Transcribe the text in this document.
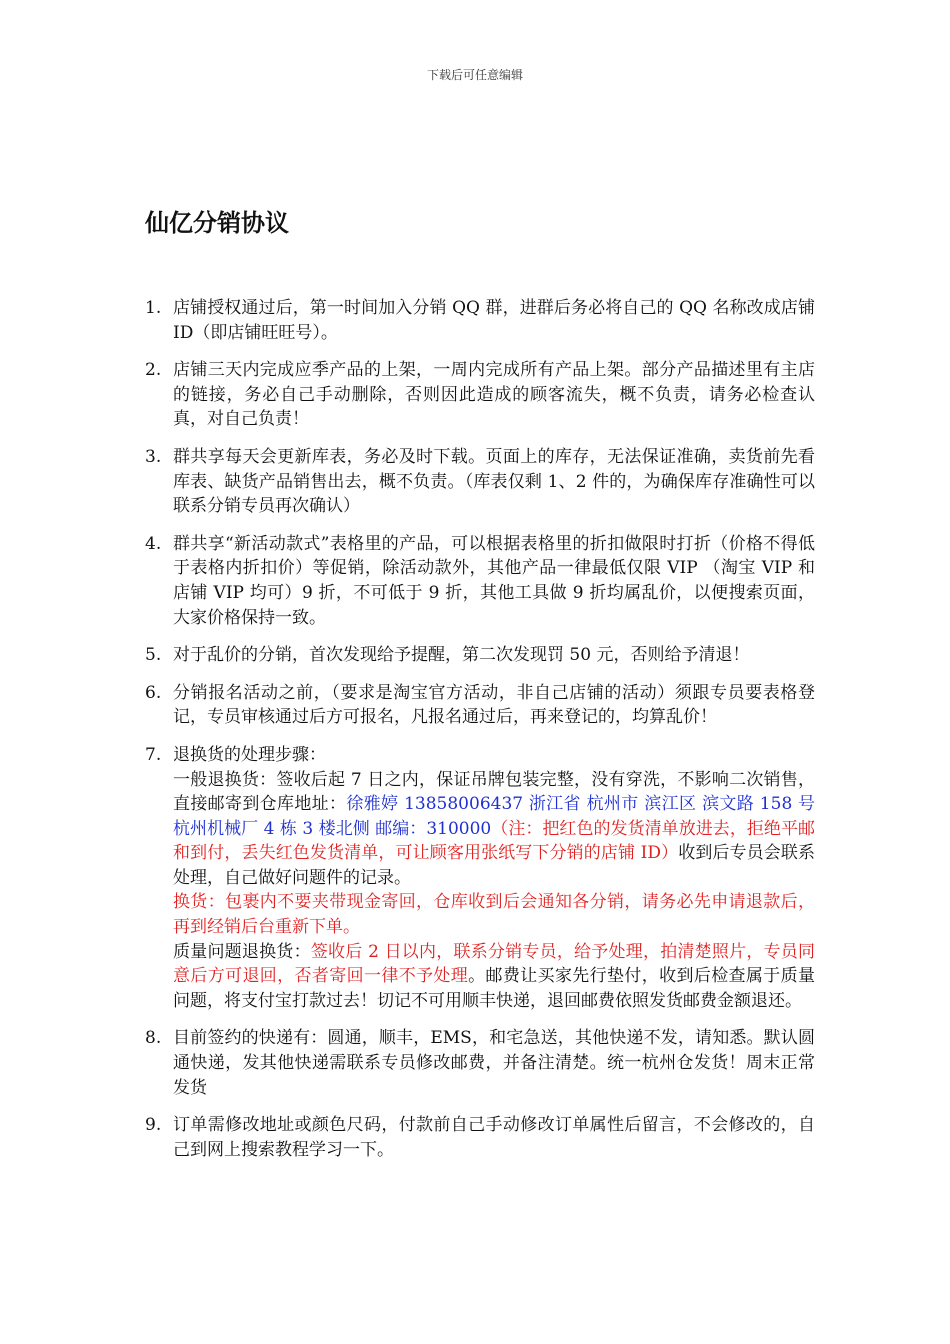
下载后可任意编辑
仙亿分销协议
1. 店铺授权通过后，第一时间加入分销 QQ 群，进群后务必将自己的 QQ 名称改成店铺 ID（即店铺旺旺号）。
2. 店铺三天内完成应季产品的上架，一周内完成所有产品上架。部分产品描述里有主店的链接，务必自己手动删除，否则因此造成的顾客流失，概不负责，请务必检查认真，对自己负责！
3. 群共享每天会更新库表，务必及时下载。页面上的库存，无法保证准确，卖货前先看库表、缺货产品销售出去，概不负责。（库表仅剩 1、2 件的，为确保库存准确性可以联系分销专员再次确认）
4. 群共享“新活动款式”表格里的产品，可以根据表格里的折扣做限时打折（价格不得低于表格内折扣价）等促销，除活动款外，其他产品一律最低仅限 VIP （淘宝 VIP 和店铺 VIP 均可）9 折，不可低于 9 折，其他工具做 9 折均属乱价，以便搜索页面，大家价格保持一致。
5. 对于乱价的分销，首次发现给予提醒，第二次发现罚 50 元，否则给予清退！
6. 分销报名活动之前，（要求是淘宝官方活动，非自己店铺的活动）须跟专员要表格登记，专员审核通过后方可报名，凡报名通过后，再来登记的，均算乱价！
7. 退换货的处理步骤：
一般退换货：签收后起 7 日之内，保证吊牌包装完整，没有穿洗，不影响二次销售，直接邮寄到仓库地址：徐雅婷 13858006437 浙江省 杭州市 滨江区 滨文路 158 号杭州机械厂 4 栋 3 楼北侧 邮编：310000（注：把红色的发货清单放进去，拒绝平邮和到付，丢失红色发货清单，可让顾客用张纸写下分销的店铺 ID）收到后专员会联系处理，自己做好问题件的记录。
换货：包裹内不要夹带现金寄回，仓库收到后会通知各分销，请务必先申请退款后，再到经销后台重新下单。
质量问题退换货：签收后 2 日以内，联系分销专员，给予处理，拍清楚照片，专员同意后方可退回，否者寄回一律不予处理。邮费让买家先行垫付，收到后检查属于质量问题，将支付宝打款过去！切记不可用顺丰快递，退回邮费依照发货邮费金额退还。
8. 目前签约的快递有：圆通，顺丰，EMS，和宅急送，其他快递不发，请知悉。默认圆通快递，发其他快递需联系专员修改邮费，并备注清楚。统一杭州仓发货！周末正常发货
9. 订单需修改地址或颜色尺码，付款前自己手动修改订单属性后留言，不会修改的，自己到网上搜索教程学习一下。
